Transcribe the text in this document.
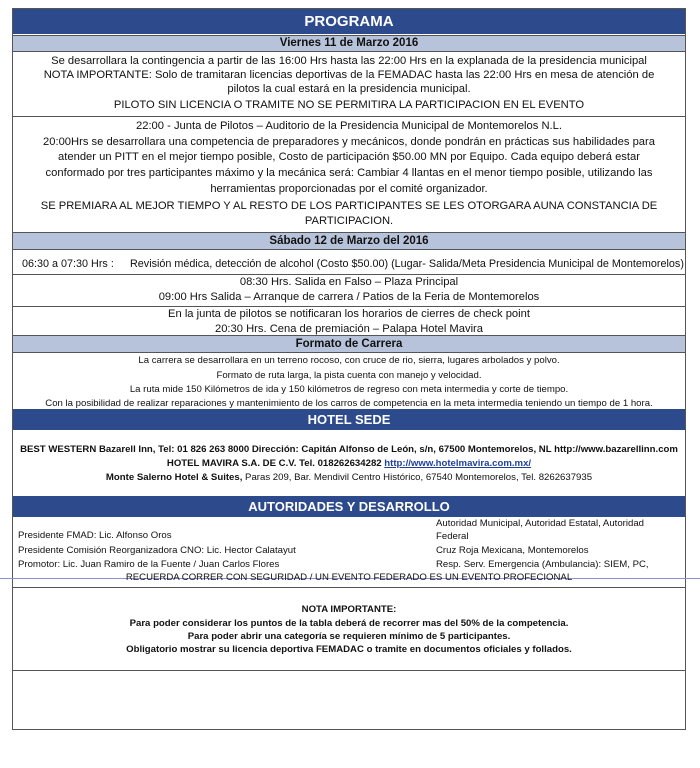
PROGRAMA
Viernes 11 de Marzo 2016
Se desarrollara la contingencia a partir de las 16:00 Hrs hasta las 22:00 Hrs en la explanada de la presidencia municipal
NOTA IMPORTANTE: Solo de tramitaran licencias deportivas de la FEMADAC hasta las 22:00 Hrs en mesa de atención de
pilotos la cual estará en la presidencia municipal.
PILOTO SIN LICENCIA O TRAMITE NO SE PERMITIRA LA PARTICIPACION EN EL EVENTO
22:00 - Junta de Pilotos – Auditorio de la Presidencia Municipal de Montemorelos N.L.
20:00Hrs se desarrollara una competencia de preparadores y mecánicos, donde pondrán en prácticas sus habilidades para
atender un PITT en el mejor tiempo posible, Costo de participación $50.00 MN por Equipo. Cada equipo deberá estar
conformado por tres participantes máximo y la mecánica será: Cambiar 4 llantas en el menor tiempo posible, utilizando las
herramientas proporcionadas por el comité organizador.
SE PREMIARA AL MEJOR TIEMPO Y AL RESTO DE LOS PARTICIPANTES SE LES OTORGARA AUNA CONSTANCIA DE
PARTICIPACION.
Sábado 12 de Marzo del 2016
06:30 a 07:30 Hrs : Revisión médica, detección de alcohol (Costo $50.00) (Lugar- Salida/Meta Presidencia Municipal de Montemorelos)
08:30 Hrs. Salida en Falso – Plaza Principal
09:00 Hrs Salida – Arranque de carrera / Patios de la Feria de Montemorelos
En la junta de pilotos se notificaran los horarios de cierres de check point
20:30 Hrs. Cena de premiación – Palapa Hotel Mavira
Formato de Carrera
La carrera se desarrollara en un terreno rocoso, con cruce de rio, sierra, lugares arbolados y polvo.
Formato de ruta larga, la pista cuenta con manejo y velocidad.
La ruta mide 150 Kilómetros de ida y 150 kilómetros de regreso con meta intermedia y corte de tiempo.
Con la posibilidad de realizar reparaciones y mantenimiento de los carros de competencia en la meta intermedia teniendo un tiempo de 1 hora.
HOTEL SEDE
BEST WESTERN Bazarell Inn, Tel: 01 826 263 8000 Dirección: Capitán Alfonso de León, s/n, 67500 Montemorelos, NL http://www.bazarellinn.com
HOTEL MAVIRA S.A. DE C.V. Tel. 018262634282 http://www.hotelmavira.com.mx/
Monte Salerno Hotel & Suites, Paras 209, Bar. Mendivil Centro Histórico, 67540 Montemorelos, Tel. 8262637935
AUTORIDADES Y DESARROLLO
Presidente FMAD: Lic. Alfonso Oros
Presidente Comisión Reorganizadora CNO: Lic. Hector Calatayut
Promotor: Lic. Juan Ramiro de la Fuente / Juan Carlos Flores
Autoridad Municipal, Autoridad Estatal, Autoridad
Federal
Cruz Roja Mexicana, Montemorelos
Resp. Serv. Emergencia (Ambulancia): SIEM, PC,
RECUERDA CORRER CON SEGURIDAD / UN EVENTO FEDERADO ES UN EVENTO PROFECIONAL
NOTA IMPORTANTE:
Para poder considerar los puntos de la tabla deberá de recorrer mas del 50% de la competencia.
Para poder abrir una categoría se requieren mínimo de 5 participantes.
Obligatorio mostrar su licencia deportiva FEMADAC o tramite en documentos oficiales y follados.
